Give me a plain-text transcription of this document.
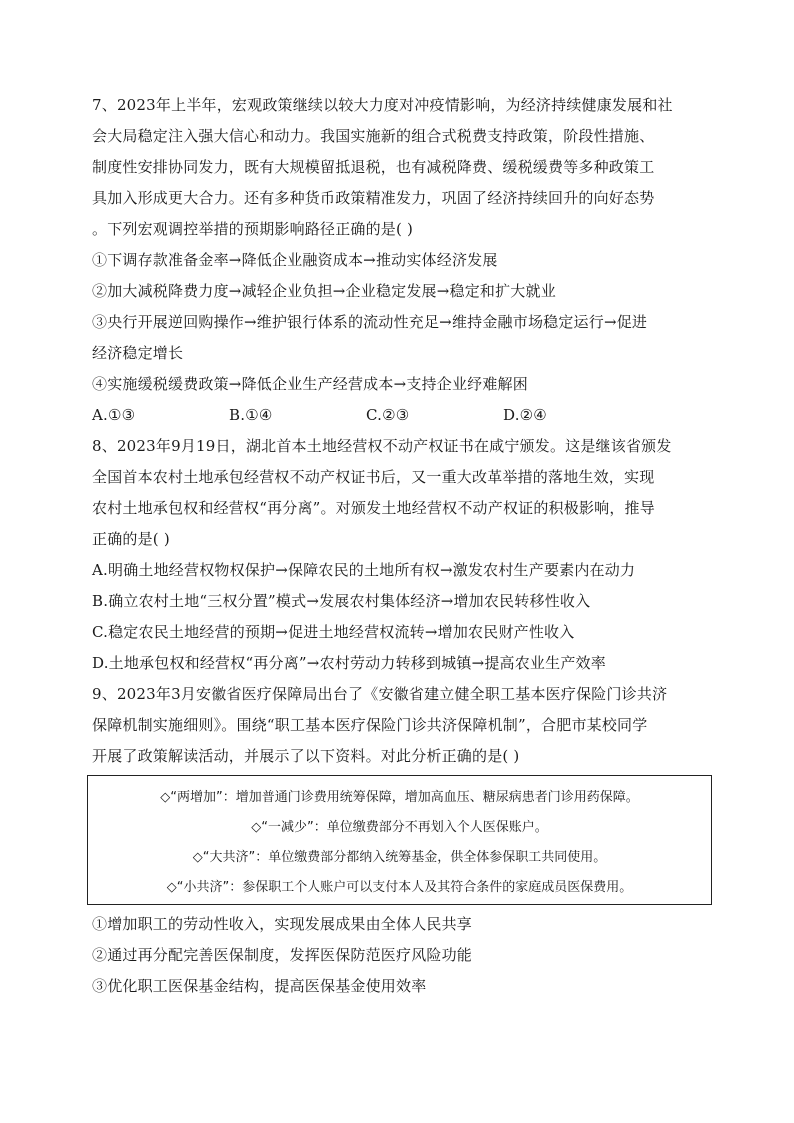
7、2023年上半年，宏观政策继续以较大力度对冲疫情影响，为经济持续健康发展和社
会大局稳定注入强大信心和动力。我国实施新的组合式税费支持政策，阶段性措施、
制度性安排协同发力，既有大规模留抵退税，也有减税降费、缓税缓费等多种政策工
具加入形成更大合力。还有多种货币政策精准发力，巩固了经济持续回升的向好态势
。下列宏观调控举措的预期影响路径正确的是( )
①下调存款准备金率→降低企业融资成本→推动实体经济发展
②加大减税降费力度→减轻企业负担→企业稳定发展→稳定和扩大就业
③央行开展逆回购操作→维护银行体系的流动性充足→维持金融市场稳定运行→促进
经济稳定增长
④实施缓税缓费政策→降低企业生产经营成本→支持企业纾难解困
A.①③	B.①④	C.②③	D.②④
8、2023年9月19日，湖北首本土地经营权不动产权证书在咸宁颁发。这是继该省颁发
全国首本农村土地承包经营权不动产权证书后，又一重大改革举措的落地生效，实现
农村土地承包权和经营权“再分离”。对颁发土地经营权不动产权证的积极影响，推导
正确的是( )
A.明确土地经营权物权保护→保障农民的土地所有权→激发农村生产要素内在动力
B.确立农村土地“三权分置”模式→发展农村集体经济→增加农民转移性收入
C.稳定农民土地经营的预期→促进土地经营权流转→增加农民财产性收入
D.土地承包权和经营权“再分离”→农村劳动力转移到城镇→提高农业生产效率
9、2023年3月安徽省医疗保障局出台了《安徽省建立健全职工基本医疗保险门诊共济
保障机制实施细则》。围绕“职工基本医疗保险门诊共济保障机制”，合肥市某校同学
开展了政策解读活动，并展示了以下资料。对此分析正确的是( )
◇“两增加”：增加普通门诊费用统筹保障，增加高血压、糖尿病患者门诊用药保障。
◇“一减少”：单位缴费部分不再划入个人医保账户。
◇“大共济”：单位缴费部分都纳入统筹基金，供全体参保职工共同使用。
◇“小共济”：参保职工个人账户可以支付本人及其符合条件的家庭成员医保费用。
①增加职工的劳动性收入，实现发展成果由全体人民共享
②通过再分配完善医保制度，发挥医保防范医疗风险功能
③优化职工医保基金结构，提高医保基金使用效率
